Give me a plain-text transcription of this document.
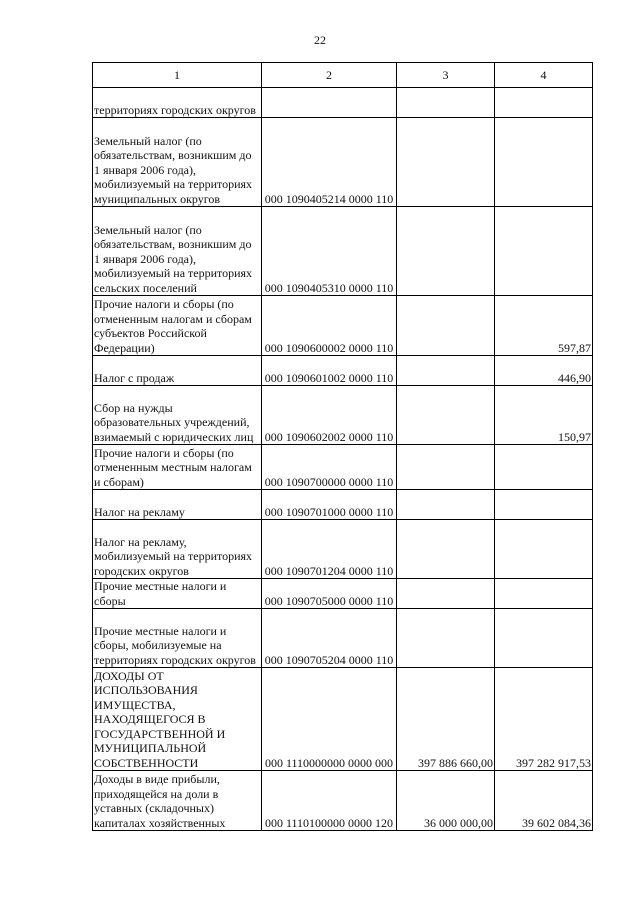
22
1	2	3	4
территориях городских округов			
Земельный налог (по обязательствам, возникшим до 1 января 2006 года), мобилизуемый на территориях муниципальных округов	000 1090405214 0000 110		
Земельный налог (по обязательствам, возникшим до 1 января 2006 года), мобилизуемый на территориях сельских поселений	000 1090405310 0000 110		
Прочие налоги и сборы (по отмененным налогам и сборам субъектов Российской Федерации)	000 1090600002 0000 110		597,87
Налог с продаж	000 1090601002 0000 110		446,90
Сбор на нужды образовательных учреждений, взимаемый с юридических лиц	000 1090602002 0000 110		150,97
Прочие налоги и сборы (по отмененным местным налогам и сборам)	000 1090700000 0000 110		
Налог на рекламу	000 1090701000 0000 110		
Налог на рекламу, мобилизуемый на территориях городских округов	000 1090701204 0000 110		
Прочие местные налоги и сборы	000 1090705000 0000 110		
Прочие местные налоги и сборы, мобилизуемые на территориях городских округов	000 1090705204 0000 110		
ДОХОДЫ ОТ ИСПОЛЬЗОВАНИЯ ИМУЩЕСТВА, НАХОДЯЩЕГОСЯ В ГОСУДАРСТВЕННОЙ И МУНИЦИПАЛЬНОЙ СОБСТВЕННОСТИ	000 1110000000 0000 000	397 886 660,00	397 282 917,53
Доходы в виде прибыли, приходящейся на доли в уставных (складочных) капиталах хозяйственных	000 1110100000 0000 120	36 000 000,00	39 602 084,36
